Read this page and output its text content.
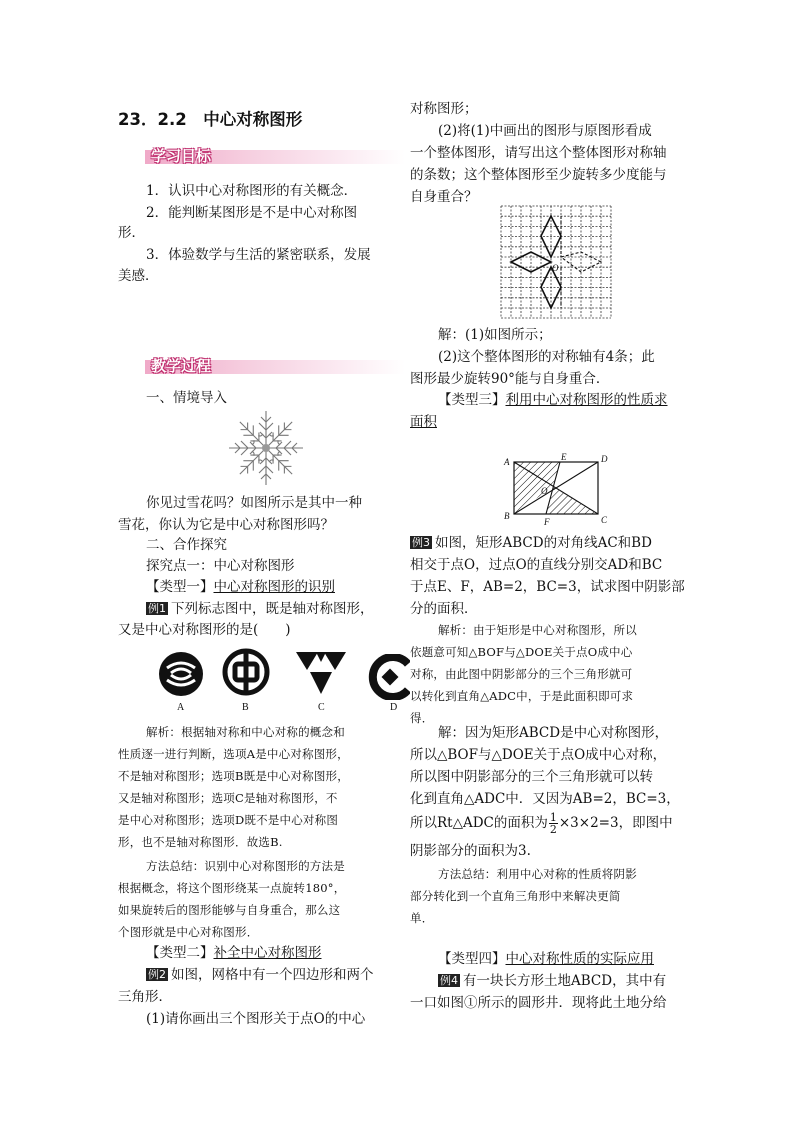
23．2.2　中心对称图形
学习目标
1．认识中心对称图形的有关概念．
2．能判断某图形是不是中心对称图
形．
3．体验数学与生活的紧密联系，发展
美感．
教学过程
一、情境导入
你见过雪花吗？如图所示是其中一种
雪花，你认为它是中心对称图形吗？
二、合作探究
探究点一：中心对称图形
【类型一】中心对称图形的识别
例1 下列标志图中，既是轴对称图形，
又是中心对称图形的是(　　)
A	B	C	D
解析：根据轴对称和中心对称的概念和
性质逐一进行判断，选项A是中心对称图形，
不是轴对称图形；选项B既是中心对称图形，
又是轴对称图形；选项C是轴对称图形，不
是中心对称图形；选项D既不是中心对称图
形，也不是轴对称图形．故选B.
方法总结：识别中心对称图形的方法是
根据概念，将这个图形绕某一点旋转180°，
如果旋转后的图形能够与自身重合，那么这
个图形就是中心对称图形．
【类型二】补全中心对称图形
例2 如图，网格中有一个四边形和两个
三角形．
(1)请你画出三个图形关于点O的中心
对称图形；
(2)将(1)中画出的图形与原图形看成
一个整体图形，请写出这个整体图形对称轴
的条数；这个整体图形至少旋转多少度能与
自身重合？
O
解：(1)如图所示；
(2)这个整体图形的对称轴有4条；此
图形最少旋转90°能与自身重合．
【类型三】利用中心对称图形的性质求
面积
A
B	C
D
E
F
O
例3 如图，矩形ABCD的对角线AC和BD
相交于点O，过点O的直线分别交AD和BC
于点E、F，AB=2，BC=3，试求图中阴影部
分的面积．
解析：由于矩形是中心对称图形，所以
依题意可知△BOF与△DOE关于点O成中心
对称，由此图中阴影部分的三个三角形就可
以转化到直角△ADC中，于是此面积即可求
得．
解：因为矩形ABCD是中心对称图形，
所以△BOF与△DOE关于点O成中心对称，
所以图中阴影部分的三个三角形就可以转
化到直角△ADC中．又因为AB=2，BC=3，
所以Rt△ADC的面积为 $\frac{1}{2} \times 3\times 2=3$，即图中
阴影部分的面积为3.
方法总结：利用中心对称的性质将阴影
部分转化到一个直角三角形中来解决更简
单．
【类型四】中心对称性质的实际应用
例4 有一块长方形土地ABCD，其中有
一口如图①所示的圆形井．现将此土地分给
